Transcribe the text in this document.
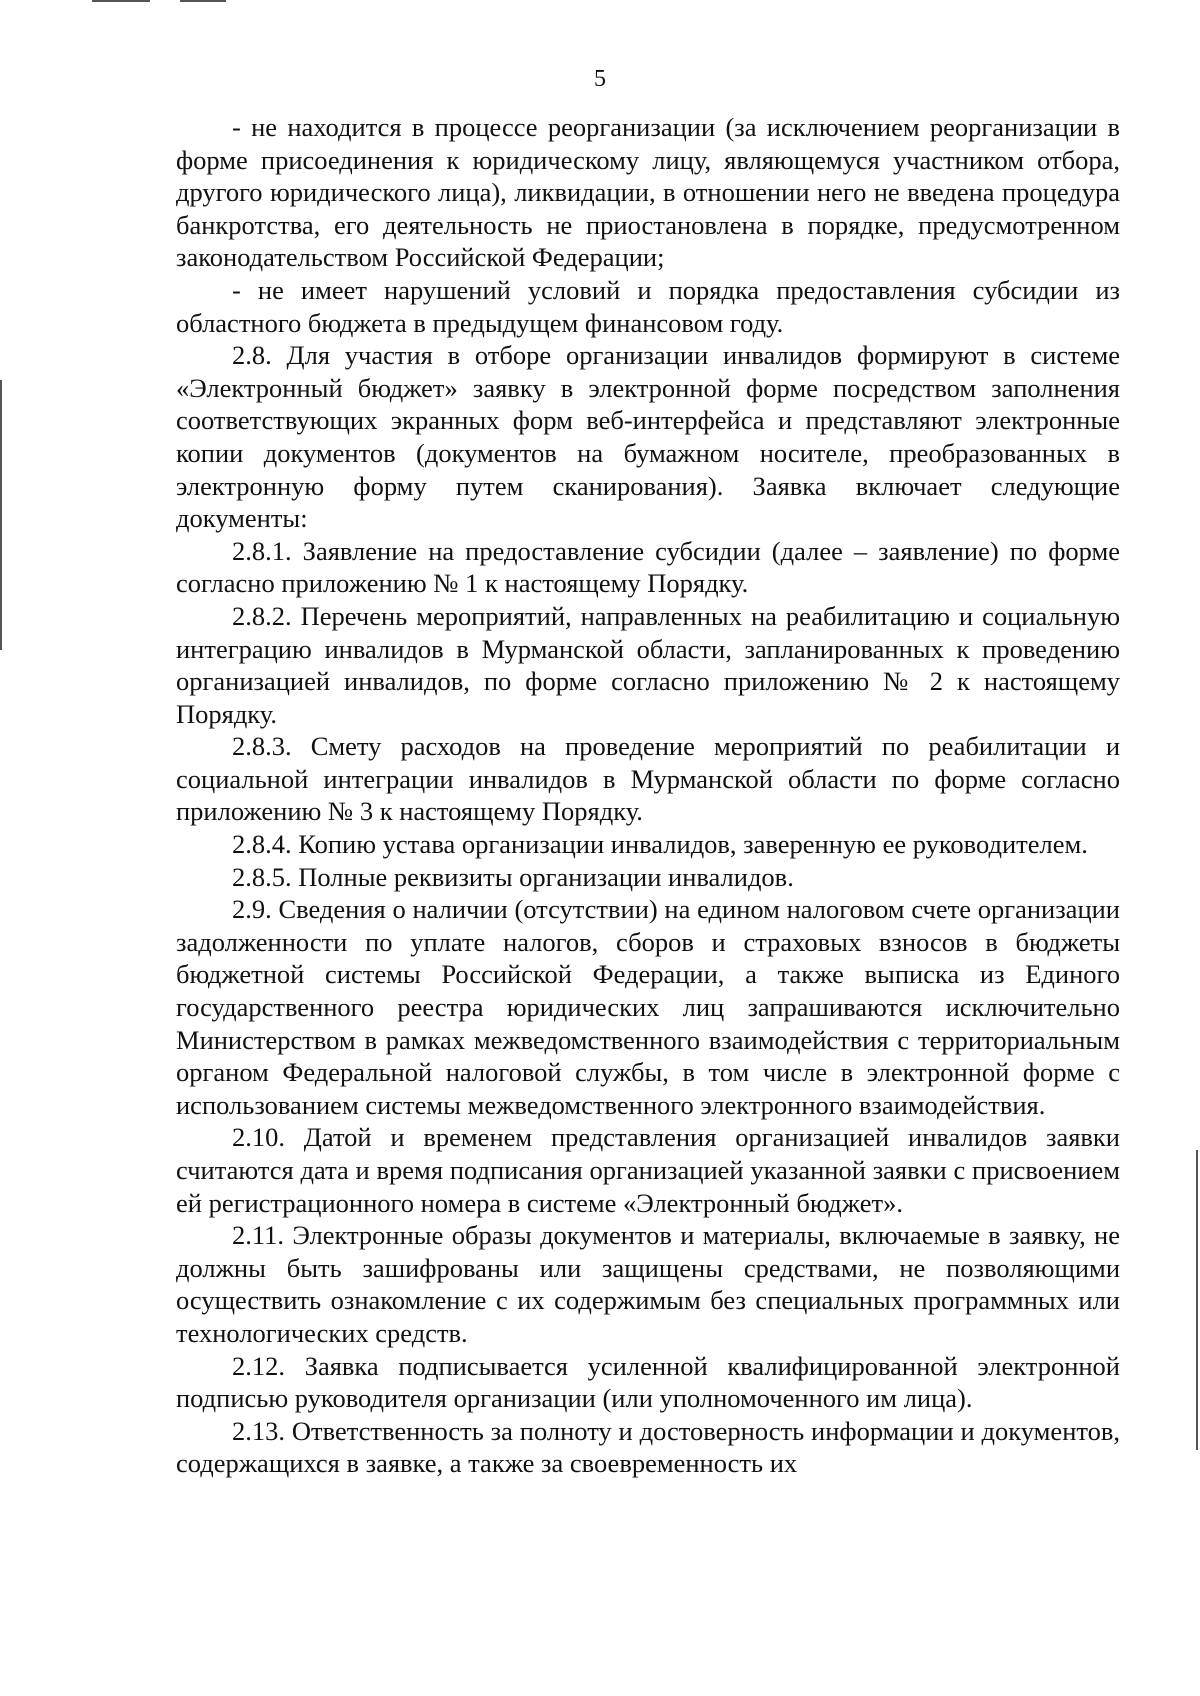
5

- не находится в процессе реорганизации (за исключением реорганизации в форме присоединения к юридическому лицу, являющемуся участником отбора, другого юридического лица), ликвидации, в отношении него не введена процедура банкротства, его деятельность не приостановлена в порядке, предусмотренном законодательством Российской Федерации;

- не имеет нарушений условий и порядка предоставления субсидии из областного бюджета в предыдущем финансовом году.

2.8. Для участия в отборе организации инвалидов формируют в системе «Электронный бюджет» заявку в электронной форме посредством заполнения соответствующих экранных форм веб-интерфейса и представляют электронные копии документов (документов на бумажном носителе, преобразованных в электронную форму путем сканирования). Заявка включает следующие документы:

2.8.1. Заявление на предоставление субсидии (далее – заявление) по форме согласно приложению № 1 к настоящему Порядку.

2.8.2. Перечень мероприятий, направленных на реабилитацию и социальную интеграцию инвалидов в Мурманской области, запланированных к проведению организацией инвалидов, по форме согласно приложению № 2 к настоящему Порядку.

2.8.3. Смету расходов на проведение мероприятий по реабилитации и социальной интеграции инвалидов в Мурманской области по форме согласно приложению № 3 к настоящему Порядку.

2.8.4. Копию устава организации инвалидов, заверенную ее руководителем.

2.8.5. Полные реквизиты организации инвалидов.

2.9. Сведения о наличии (отсутствии) на едином налоговом счете организации задолженности по уплате налогов, сборов и страховых взносов в бюджеты бюджетной системы Российской Федерации, а также выписка из Единого государственного реестра юридических лиц запрашиваются исключительно Министерством в рамках межведомственного взаимодействия с территориальным органом Федеральной налоговой службы, в том числе в электронной форме с использованием системы межведомственного электронного взаимодействия.

2.10. Датой и временем представления организацией инвалидов заявки считаются дата и время подписания организацией указанной заявки с присвоением ей регистрационного номера в системе «Электронный бюджет».

2.11. Электронные образы документов и материалы, включаемые в заявку, не должны быть зашифрованы или защищены средствами, не позволяющими осуществить ознакомление с их содержимым без специальных программных или технологических средств.

2.12. Заявка подписывается усиленной квалифицированной электронной подписью руководителя организации (или уполномоченного им лица).

2.13. Ответственность за полноту и достоверность информации и документов, содержащихся в заявке, а также за своевременность их
